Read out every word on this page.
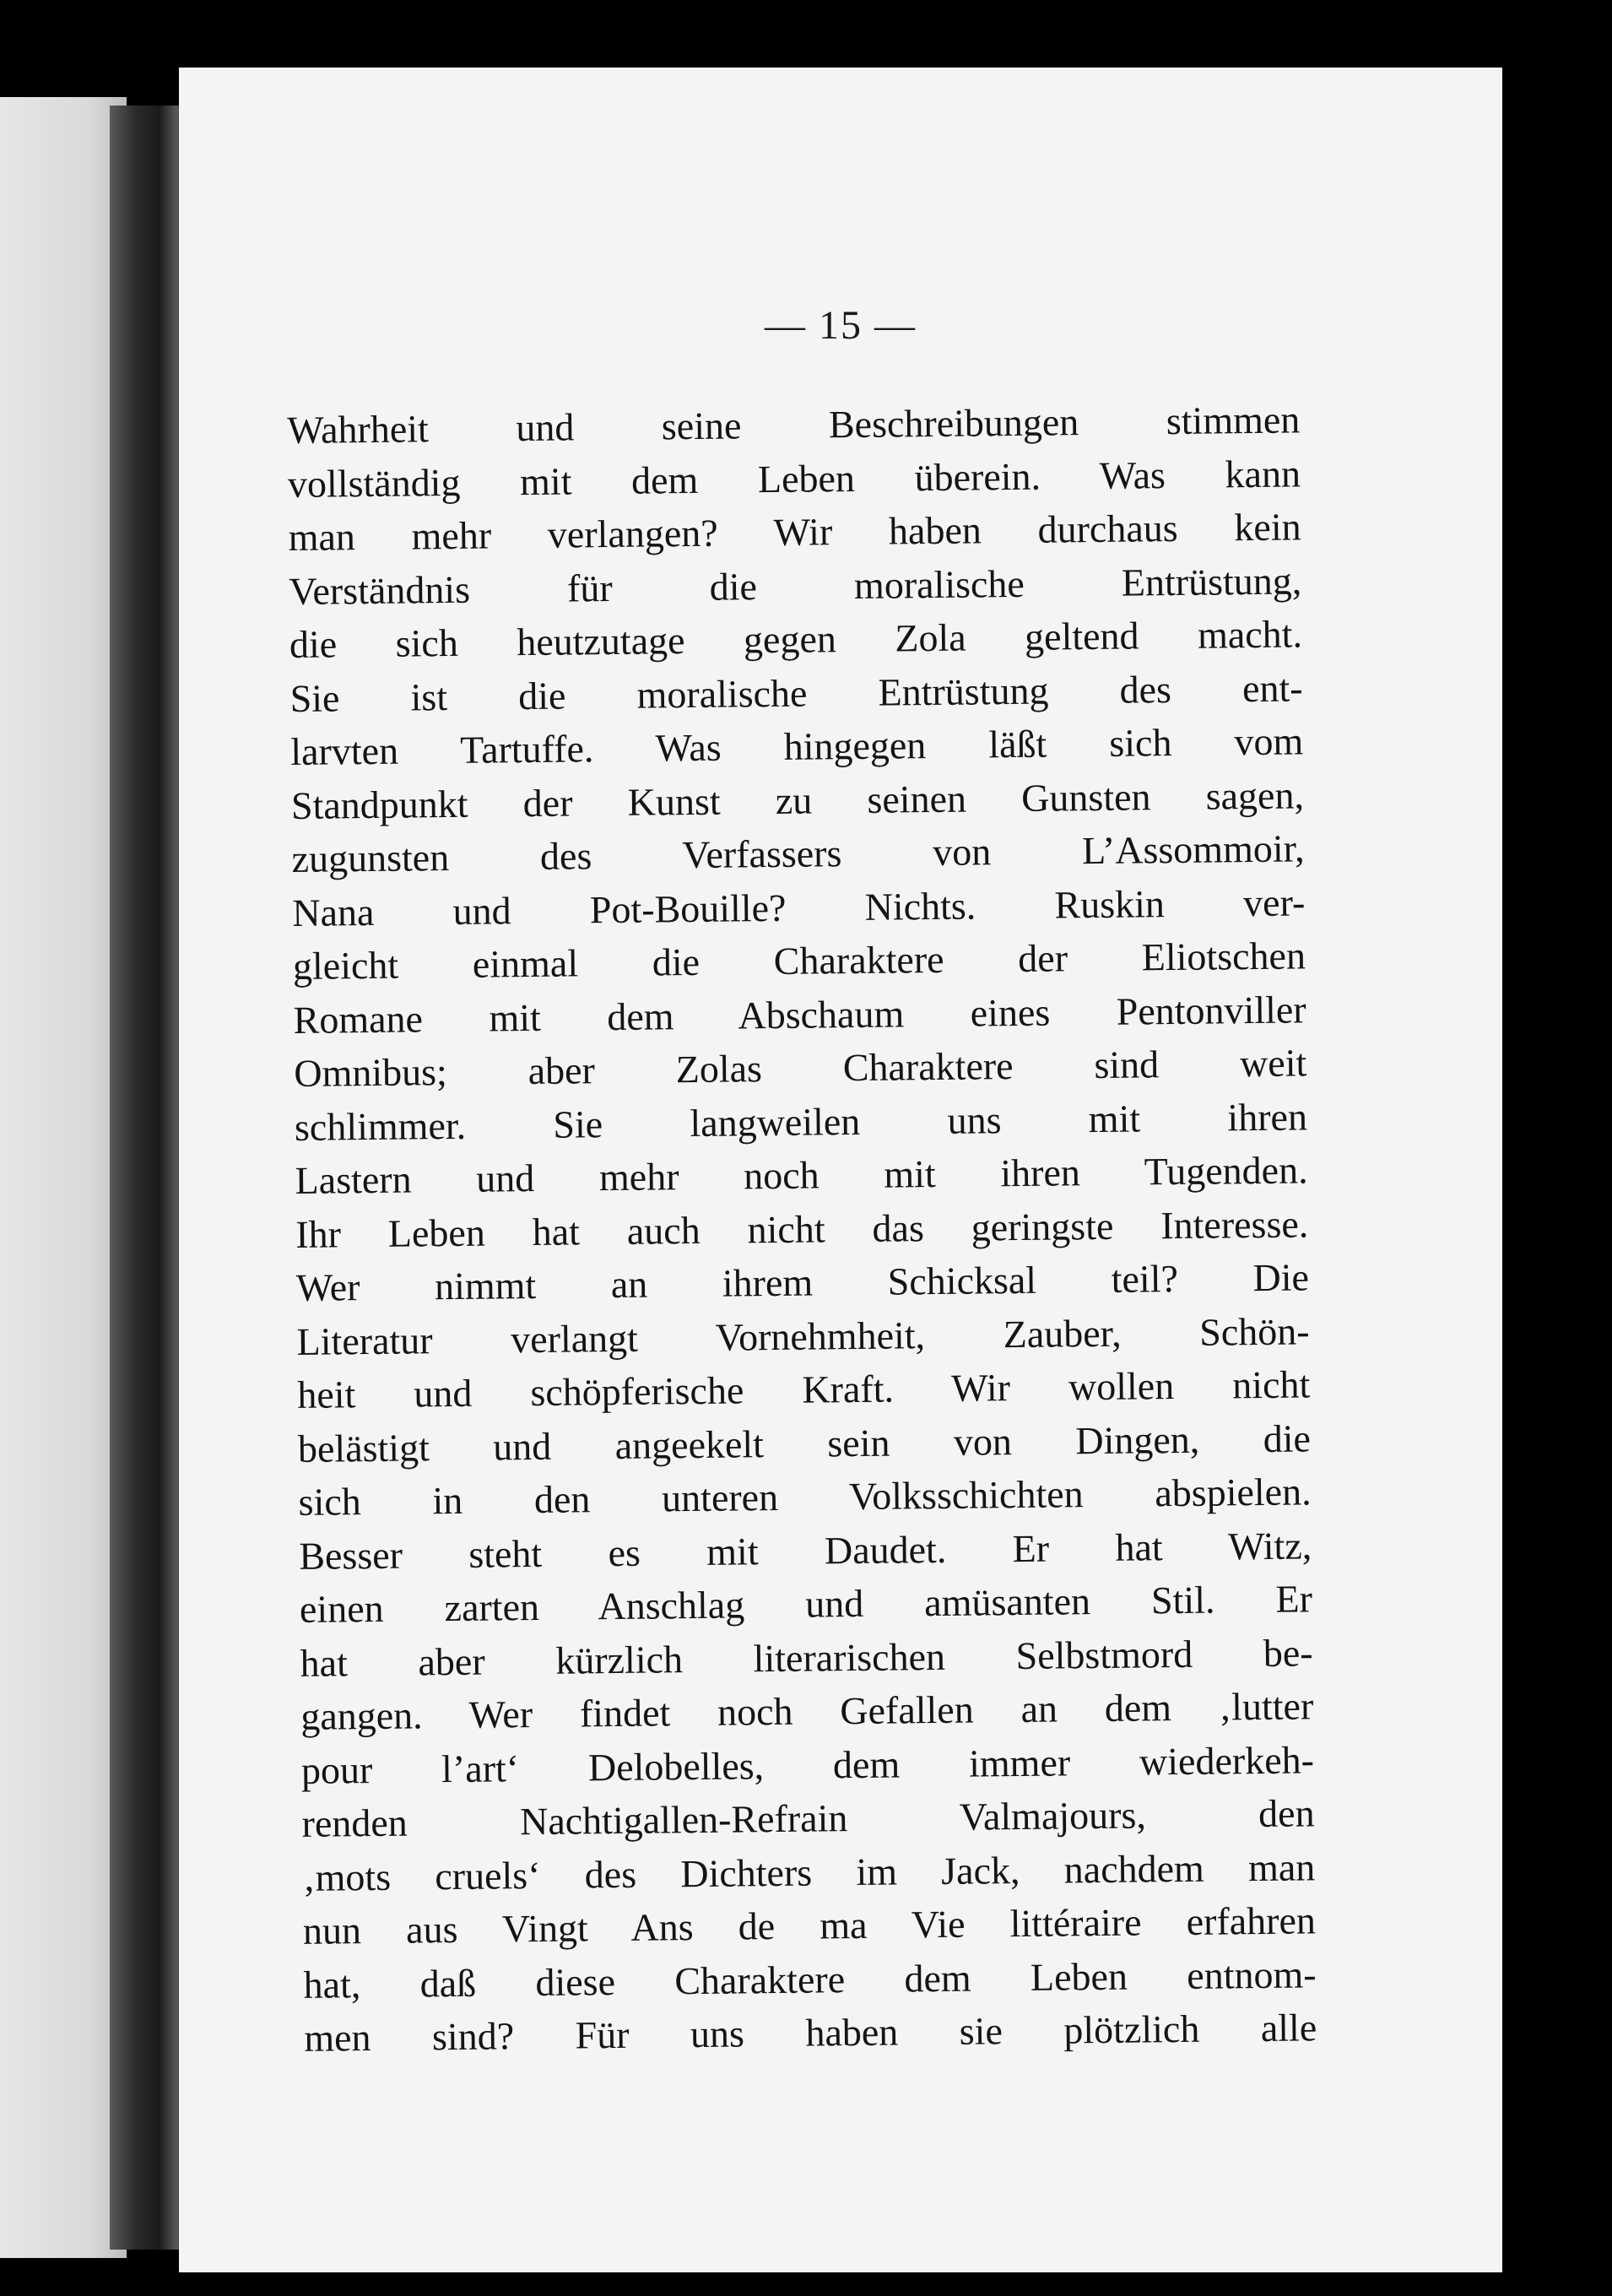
— 15 —
Wahrheit und seine Beschreibungen stimmen
vollständig mit dem Leben überein. Was kann
man mehr verlangen? Wir haben durchaus kein
Verständnis für die moralische Entrüstung,
die sich heutzutage gegen Zola geltend macht.
Sie ist die moralische Entrüstung des ent-
larvten Tartuffe. Was hingegen läßt sich vom
Standpunkt der Kunst zu seinen Gunsten sagen,
zugunsten des Verfassers von L’Assommoir,
Nana und Pot-Bouille? Nichts. Ruskin ver-
gleicht einmal die Charaktere der Eliotschen
Romane mit dem Abschaum eines Pentonviller
Omnibus; aber Zolas Charaktere sind weit
schlimmer. Sie langweilen uns mit ihren
Lastern und mehr noch mit ihren Tugenden.
Ihr Leben hat auch nicht das geringste Interesse.
Wer nimmt an ihrem Schicksal teil? Die
Literatur verlangt Vornehmheit, Zauber, Schön-
heit und schöpferische Kraft. Wir wollen nicht
belästigt und angeekelt sein von Dingen, die
sich in den unteren Volksschichten abspielen.
Besser steht es mit Daudet. Er hat Witz,
einen zarten Anschlag und amüsanten Stil. Er
hat aber kürzlich literarischen Selbstmord be-
gangen. Wer findet noch Gefallen an dem ‚lutter
pour l’art‘ Delobelles, dem immer wiederkeh-
renden Nachtigallen-Refrain Valmajours, den
‚mots cruels‘ des Dichters im Jack, nachdem man
nun aus Vingt Ans de ma Vie littéraire erfahren
hat, daß diese Charaktere dem Leben entnom-
men sind? Für uns haben sie plötzlich alle
